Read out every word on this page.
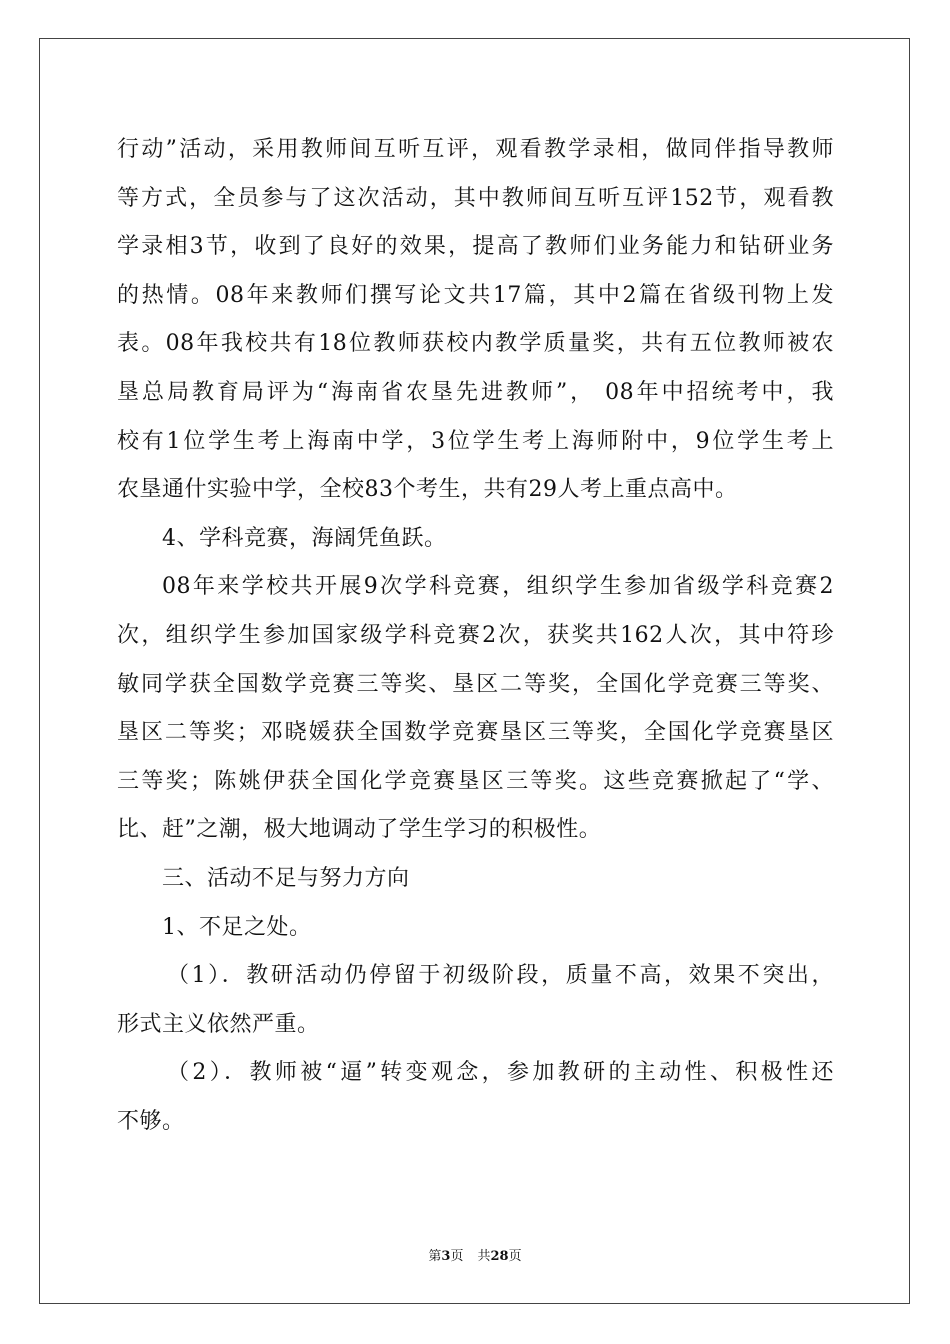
行动”活动，采用教师间互听互评，观看教学录相，做同伴指导教师
等方式，全员参与了这次活动，其中教师间互听互评152节，观看教
学录相3节，收到了良好的效果，提高了教师们业务能力和钻研业务
的热情。08年来教师们撰写论文共17篇，其中2篇在省级刊物上发
表。08年我校共有18位教师获校内教学质量奖，共有五位教师被农
垦总局教育局评为“海南省农垦先进教师”， 08年中招统考中，我
校有1位学生考上海南中学，3位学生考上海师附中，9位学生考上
农垦通什实验中学，全校83个考生，共有29人考上重点高中。
4、学科竞赛，海阔凭鱼跃。
08年来学校共开展9次学科竞赛，组织学生参加省级学科竞赛2
次，组织学生参加国家级学科竞赛2次，获奖共162人次，其中符珍
敏同学获全国数学竞赛三等奖、垦区二等奖，全国化学竞赛三等奖、
垦区二等奖；邓晓媛获全国数学竞赛垦区三等奖，全国化学竞赛垦区
三等奖；陈姚伊获全国化学竞赛垦区三等奖。这些竞赛掀起了“学、
比、赶”之潮，极大地调动了学生学习的积极性。
三、活动不足与努力方向
1、不足之处。
（1）．教研活动仍停留于初级阶段，质量不高，效果不突出，
形式主义依然严重。
（2）．教师被“逼”转变观念，参加教研的主动性、积极性还
不够。
第3页 共28页
